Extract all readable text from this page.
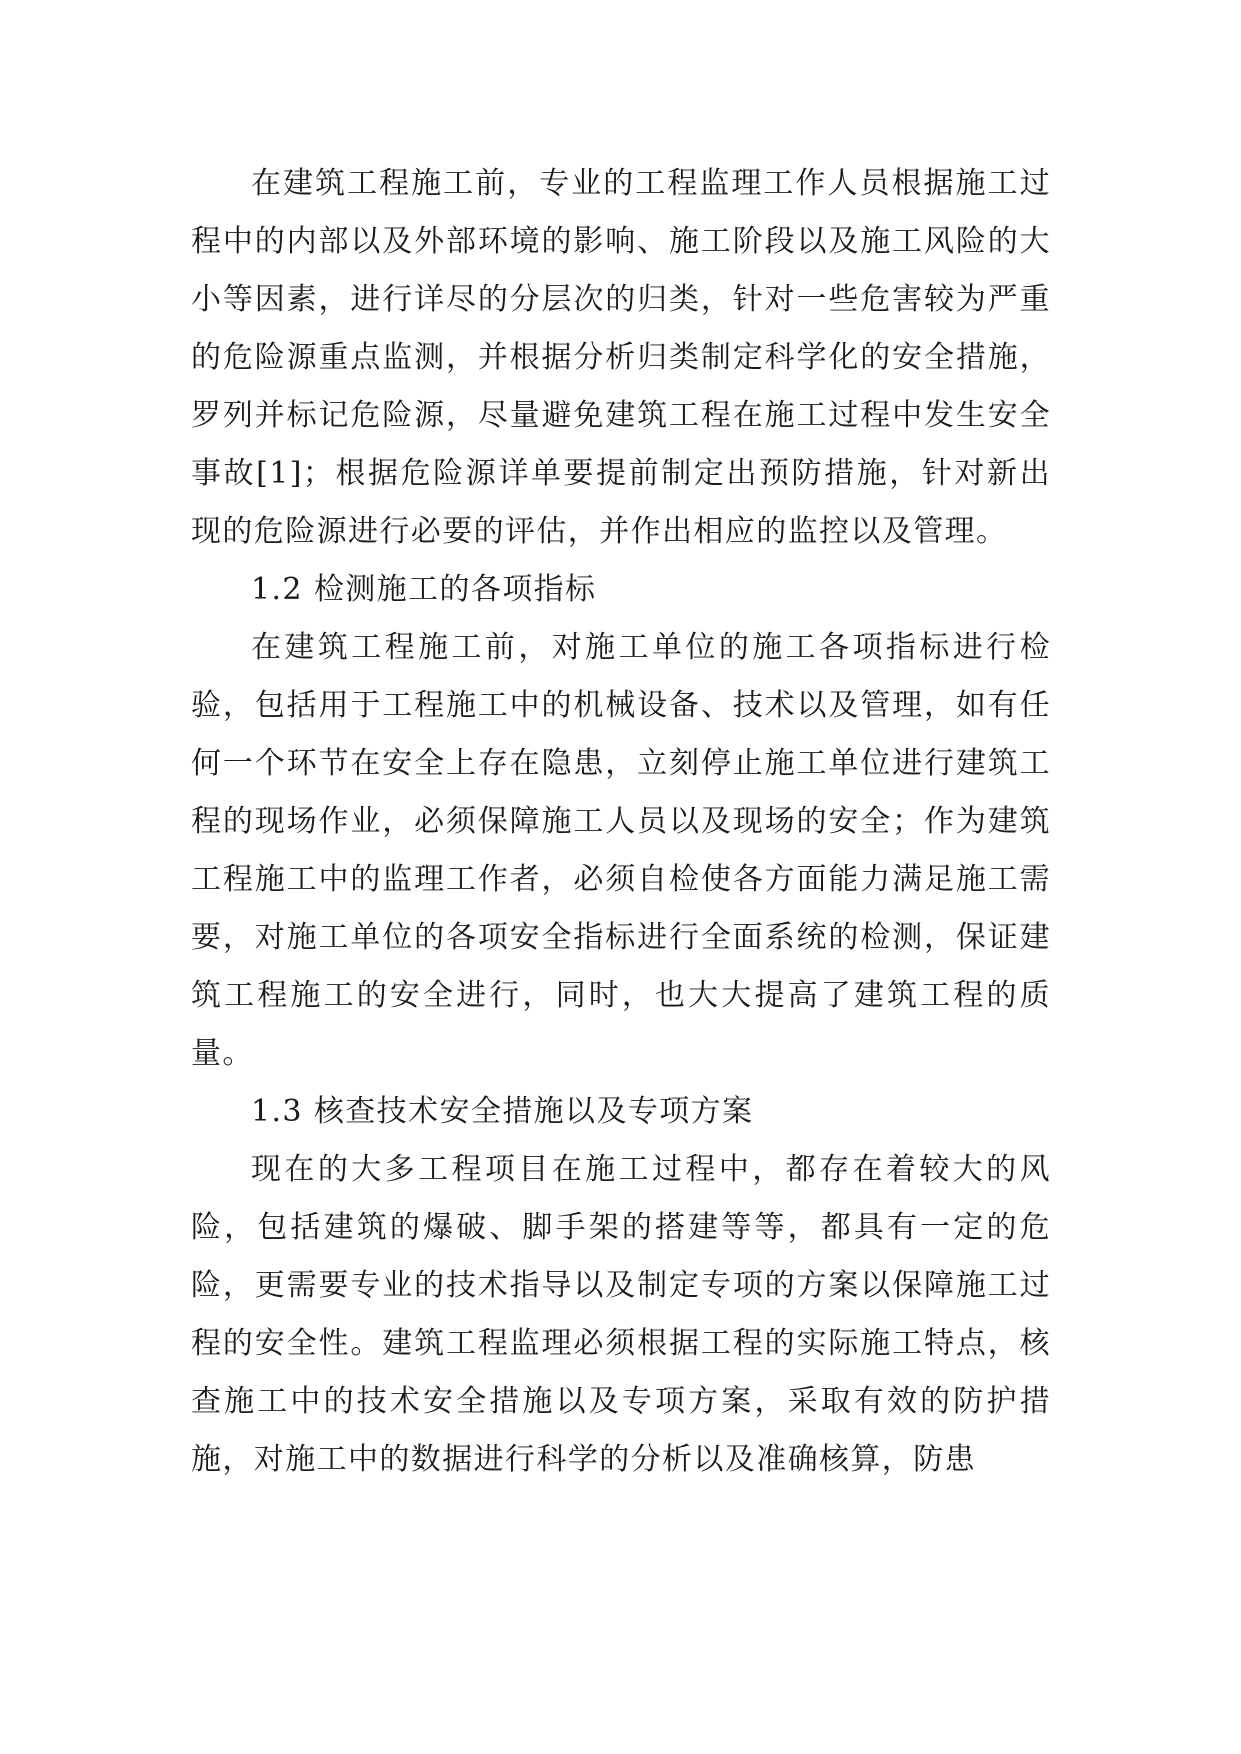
在建筑工程施工前，专业的工程监理工作人员根据施工过程中的内部以及外部环境的影响、施工阶段以及施工风险的大小等因素，进行详尽的分层次的归类，针对一些危害较为严重的危险源重点监测，并根据分析归类制定科学化的安全措施，罗列并标记危险源，尽量避免建筑工程在施工过程中发生安全事故[1]；根据危险源详单要提前制定出预防措施，针对新出现的危险源进行必要的评估，并作出相应的监控以及管理。

1.2 检测施工的各项指标

在建筑工程施工前，对施工单位的施工各项指标进行检验，包括用于工程施工中的机械设备、技术以及管理，如有任何一个环节在安全上存在隐患，立刻停止施工单位进行建筑工程的现场作业，必须保障施工人员以及现场的安全；作为建筑工程施工中的监理工作者，必须自检使各方面能力满足施工需要，对施工单位的各项安全指标进行全面系统的检测，保证建筑工程施工的安全进行，同时，也大大提高了建筑工程的质量。

1.3 核查技术安全措施以及专项方案

现在的大多工程项目在施工过程中，都存在着较大的风险，包括建筑的爆破、脚手架的搭建等等，都具有一定的危险，更需要专业的技术指导以及制定专项的方案以保障施工过程的安全性。建筑工程监理必须根据工程的实际施工特点，核查施工中的技术安全措施以及专项方案，采取有效的防护措施，对施工中的数据进行科学的分析以及准确核算，防患
